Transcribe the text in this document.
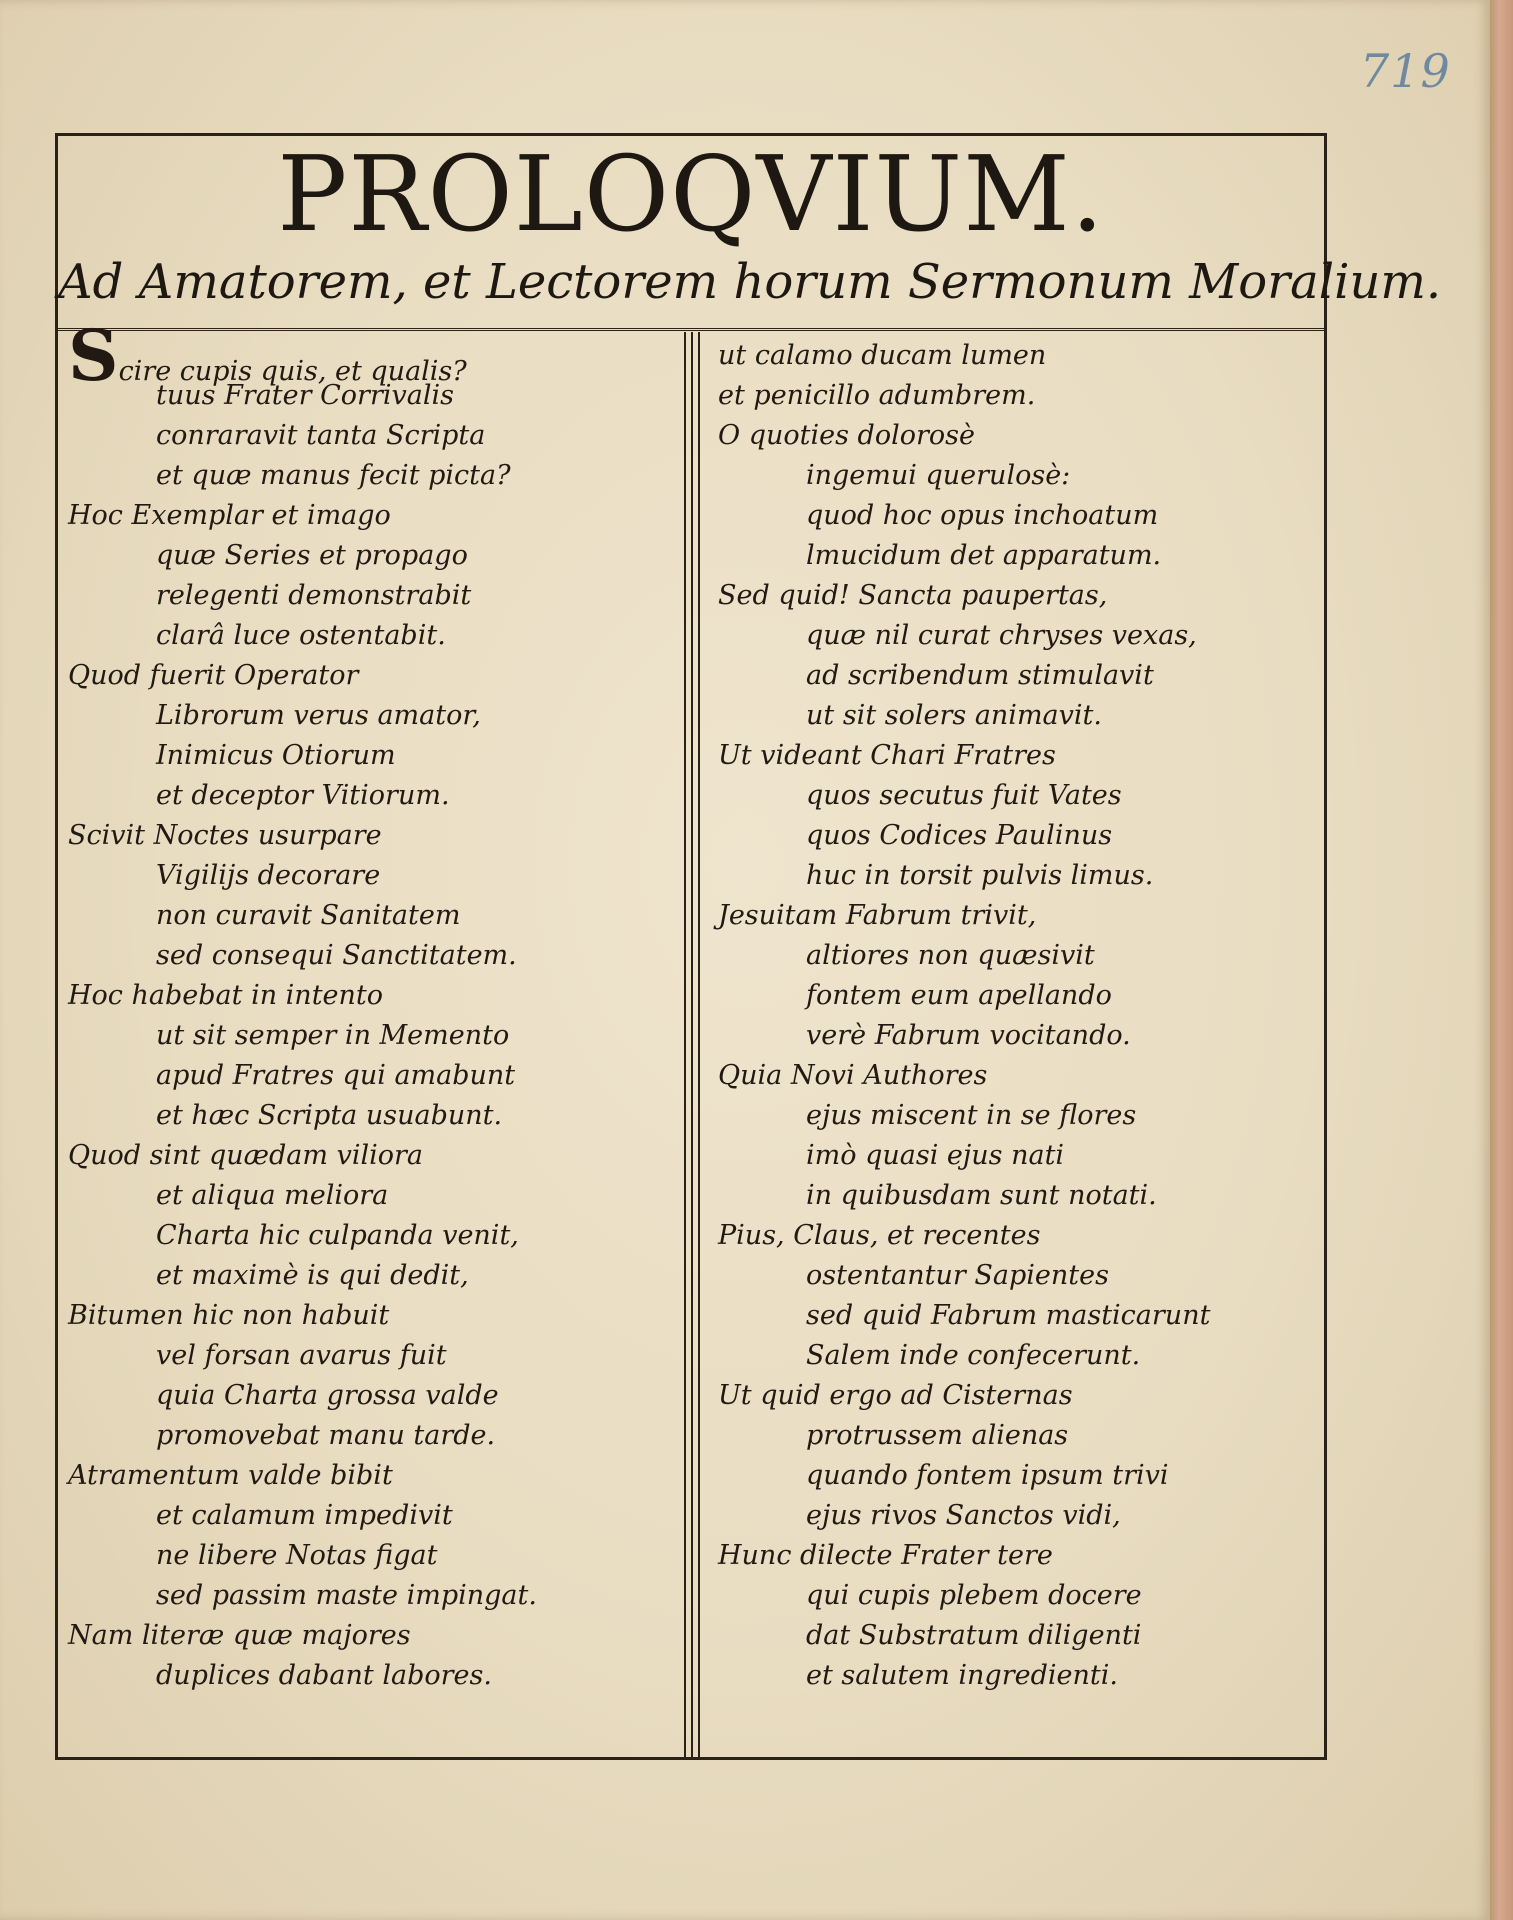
719
PROLOQVIUM.
Ad Amatorem, et Lectorem horum Sermonum Moralium.
Scire cupis quis, et qualis?
tuus Frater Corrivalis
conraravit tanta Scripta
et quæ manus fecit picta?
Hoc Exemplar et imago
quæ Series et propago
relegenti demonstrabit
clarâ luce ostentabit.
Quod fuerit Operator
Librorum verus amator,
Inimicus Otiorum
et deceptor Vitiorum.
Scivit Noctes usurpare
Vigilijs decorare
non curavit Sanitatem
sed consequi Sanctitatem.
Hoc habebat in intento
ut sit semper in Memento
apud Fratres qui amabunt
et hæc Scripta usuabunt.
Quod sint quædam viliora
et aliqua meliora
Charta hic culpanda venit,
et maximè is qui dedit,
Bitumen hic non habuit
vel forsan avarus fuit
quia Charta grossa valde
promovebat manu tarde.
Atramentum valde bibit
et calamum impedivit
ne libere Notas figat
sed passim maste impingat.
Nam literæ quæ majores
duplices dabant labores.
ut calamo ducam lumen
et penicillo adumbrem.
O quoties dolorosè
ingemui querulosè:
quod hoc opus inchoatum
lmucidum det apparatum.
Sed quid! Sancta paupertas,
quæ nil curat chryses vexas,
ad scribendum stimulavit
ut sit solers animavit.
Ut videant Chari Fratres
quos secutus fuit Vates
quos Codices Paulinus
huc in torsit pulvis limus.
Jesuitam Fabrum trivit,
altiores non quæsivit
fontem eum apellando
verè Fabrum vocitando.
Quia Novi Authores
ejus miscent in se flores
imò quasi ejus nati
in quibusdam sunt notati.
Pius, Claus, et recentes
ostentantur Sapientes
sed quid Fabrum masticarunt
Salem inde confecerunt.
Ut quid ergo ad Cisternas
protrussem alienas
quando fontem ipsum trivi
ejus rivos Sanctos vidi,
Hunc dilecte Frater tere
qui cupis plebem docere
dat Substratum diligenti
et salutem ingredienti.
